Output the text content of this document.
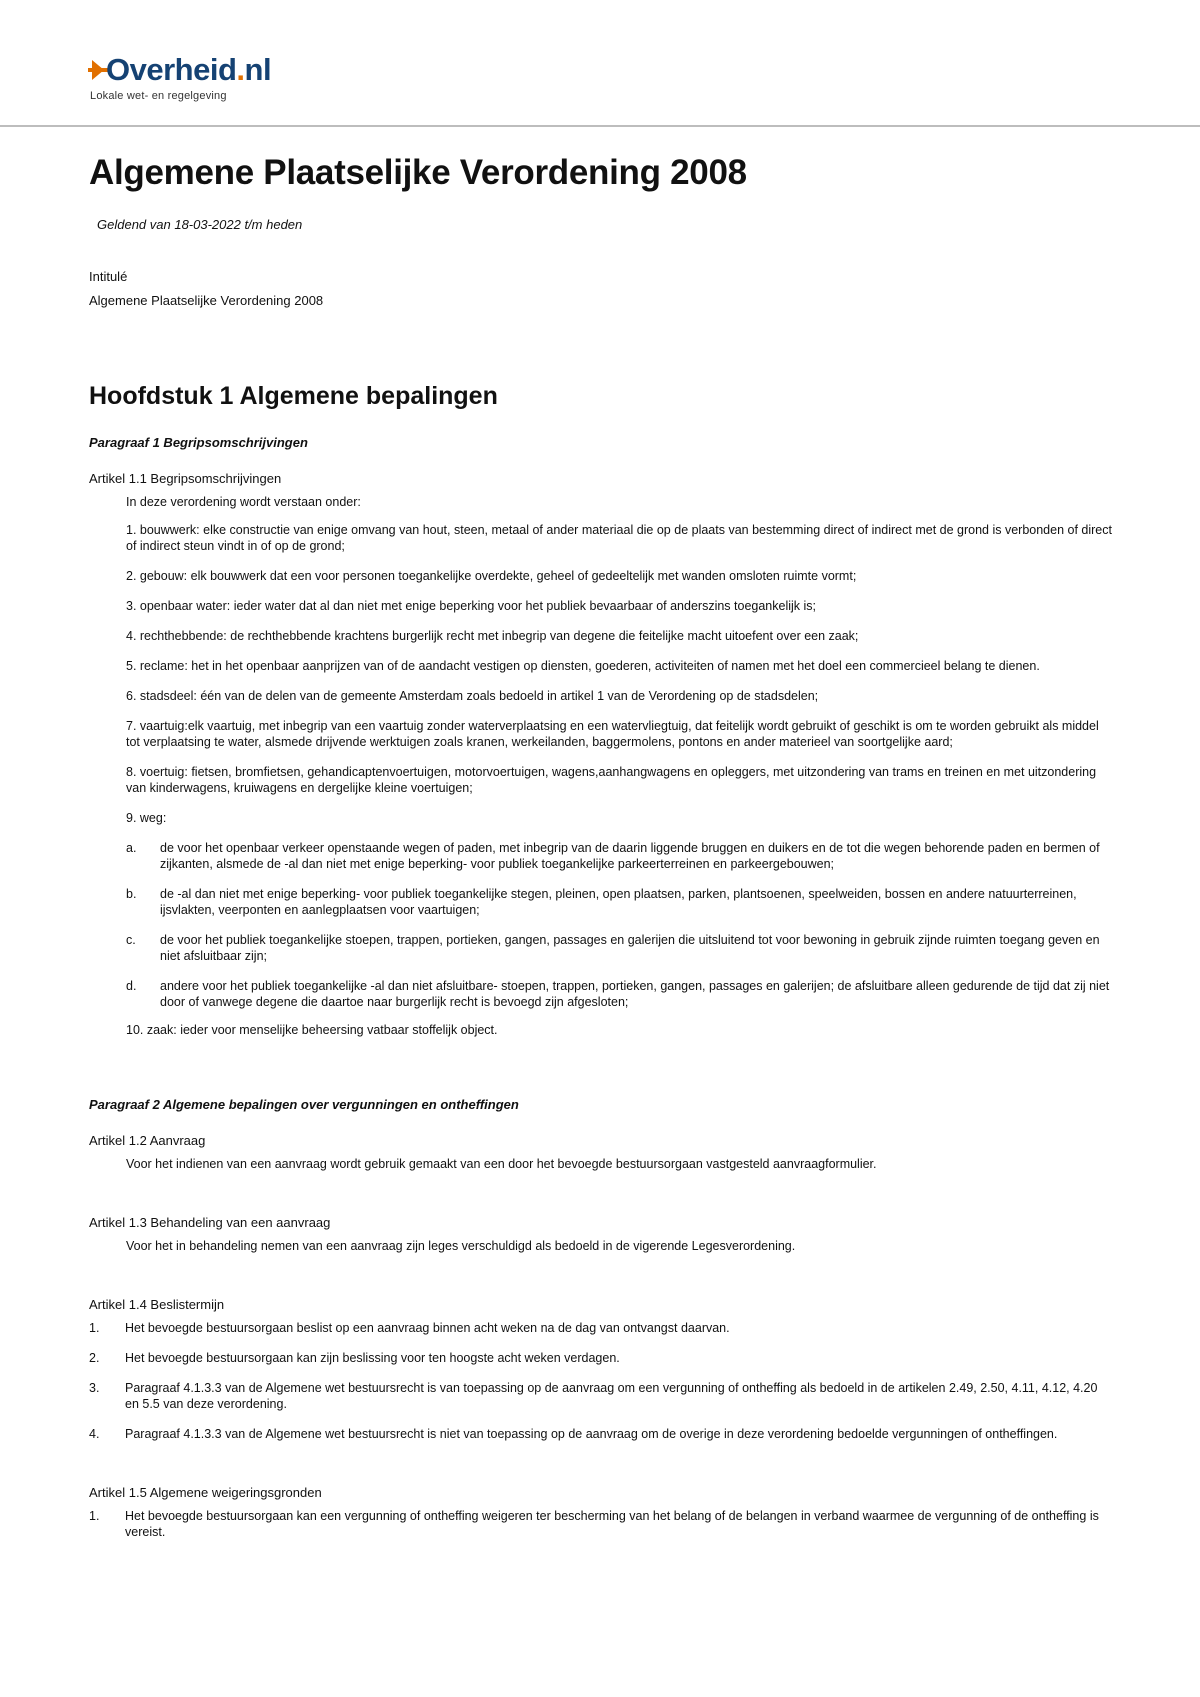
Overheid.nl
Lokale wet- en regelgeving
Algemene Plaatselijke Verordening 2008
Geldend van 18-03-2022 t/m heden
Intitulé
Algemene Plaatselijke Verordening 2008
Hoofdstuk 1 Algemene bepalingen
Paragraaf 1 Begripsomschrijvingen
Artikel 1.1 Begripsomschrijvingen
In deze verordening wordt verstaan onder:
1. bouwwerk: elke constructie van enige omvang van hout, steen, metaal of ander materiaal die op de plaats van bestemming direct of indirect met de grond is verbonden of direct of indirect steun vindt in of op de grond;
2. gebouw: elk bouwwerk dat een voor personen toegankelijke overdekte, geheel of gedeeltelijk met wanden omsloten ruimte vormt;
3. openbaar water: ieder water dat al dan niet met enige beperking voor het publiek bevaarbaar of anderszins toegankelijk is;
4. rechthebbende: de rechthebbende krachtens burgerlijk recht met inbegrip van degene die feitelijke macht uitoefent over een zaak;
5. reclame: het in het openbaar aanprijzen van of de aandacht vestigen op diensten, goederen, activiteiten of namen met het doel een commercieel belang te dienen.
6. stadsdeel: één van de delen van de gemeente Amsterdam zoals bedoeld in artikel 1 van de Verordening op de stadsdelen;
7. vaartuig:elk vaartuig, met inbegrip van een vaartuig zonder waterverplaatsing en een watervliegtuig, dat feitelijk wordt gebruikt of geschikt is om te worden gebruikt als middel tot verplaatsing te water, alsmede drijvende werktuigen zoals kranen, werkeilanden, baggermolens, pontons en ander materieel van soortgelijke aard;
8. voertuig: fietsen, bromfietsen, gehandicaptenvoertuigen, motorvoertuigen, wagens,aanhangwagens en opleggers, met uitzondering van trams en treinen en met uitzondering van kinderwagens, kruiwagens en dergelijke kleine voertuigen;
9. weg:
a.	de voor het openbaar verkeer openstaande wegen of paden, met inbegrip van de daarin liggende bruggen en duikers en de tot die wegen behorende paden en bermen of zijkanten, alsmede de -al dan niet met enige beperking- voor publiek toegankelijke parkeerterreinen en parkeergebouwen;
b.	de -al dan niet met enige beperking- voor publiek toegankelijke stegen, pleinen, open plaatsen, parken, plantsoenen, speelweiden, bossen en andere natuurterreinen, ijsvlakten, veerponten en aanlegplaatsen voor vaartuigen;
c.	de voor het publiek toegankelijke stoepen, trappen, portieken, gangen, passages en galerijen die uitsluitend tot voor bewoning in gebruik zijnde ruimten toegang geven en niet afsluitbaar zijn;
d.	andere voor het publiek toegankelijke -al dan niet afsluitbare- stoepen, trappen, portieken, gangen, passages en galerijen; de afsluitbare alleen gedurende de tijd dat zij niet door of vanwege degene die daartoe naar burgerlijk recht is bevoegd zijn afgesloten;
10. zaak: ieder voor menselijke beheersing vatbaar stoffelijk object.
Paragraaf 2 Algemene bepalingen over vergunningen en ontheffingen
Artikel 1.2 Aanvraag
Voor het indienen van een aanvraag wordt gebruik gemaakt van een door het bevoegde bestuursorgaan vastgesteld aanvraagformulier.
Artikel 1.3 Behandeling van een aanvraag
Voor het in behandeling nemen van een aanvraag zijn leges verschuldigd als bedoeld in de vigerende Legesverordening.
Artikel 1.4 Beslistermijn
1.	Het bevoegde bestuursorgaan beslist op een aanvraag binnen acht weken na de dag van ontvangst daarvan.
2.	Het bevoegde bestuursorgaan kan zijn beslissing voor ten hoogste acht weken verdagen.
3.	Paragraaf 4.1.3.3 van de Algemene wet bestuursrecht is van toepassing op de aanvraag om een vergunning of ontheffing als bedoeld in de artikelen 2.49, 2.50, 4.11, 4.12, 4.20 en 5.5 van deze verordening.
4.	Paragraaf 4.1.3.3 van de Algemene wet bestuursrecht is niet van toepassing op de aanvraag om de overige in deze verordening bedoelde vergunningen of ontheffingen.
Artikel 1.5 Algemene weigeringsgronden
1.	Het bevoegde bestuursorgaan kan een vergunning of ontheffing weigeren ter bescherming van het belang of de belangen in verband waarmee de vergunning of de ontheffing is vereist.
